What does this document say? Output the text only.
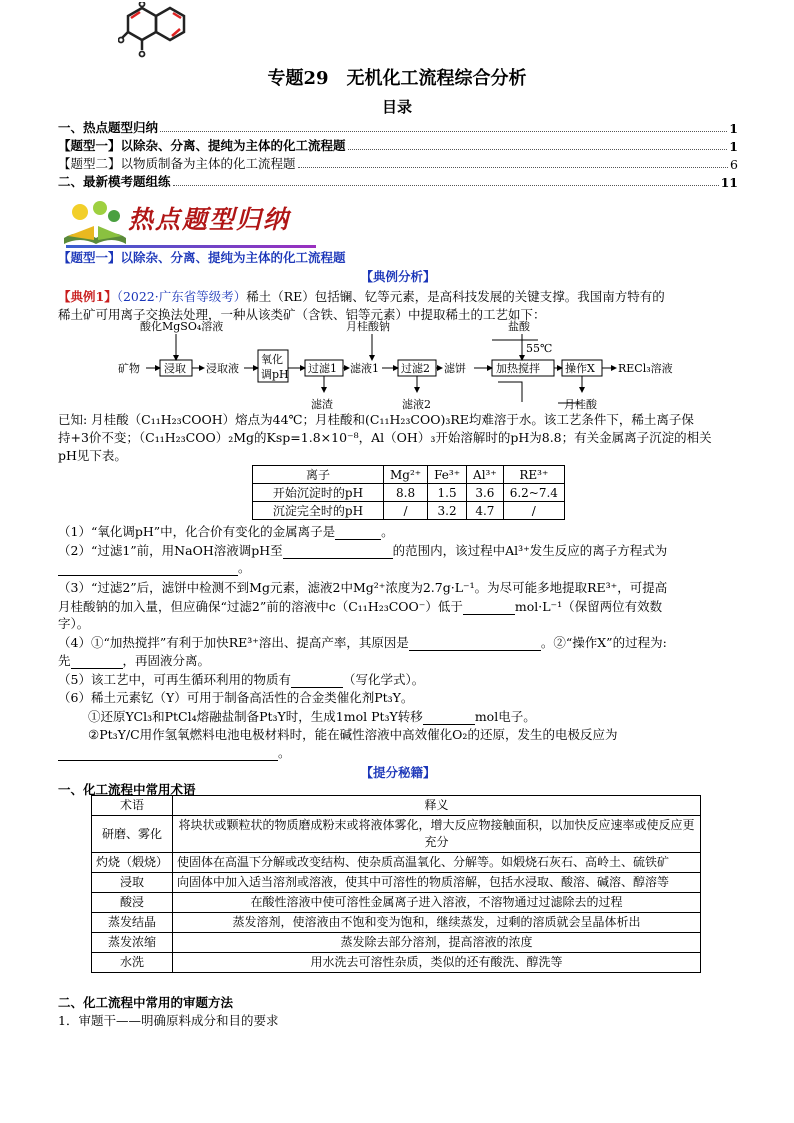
专题29　无机化工流程综合分析
目录
一、热点题型归纳	1
【题型一】以除杂、分离、提纯为主体的化工流程题	1
【题型二】以物质制备为主体的化工流程题	6
二、最新模考题组练	11
热点题型归纳
【题型一】以除杂、分离、提纯为主体的化工流程题
【典例分析】
【典例1】（2022·广东省等级考）稀土（RE）包括镧、钇等元素，是高科技发展的关键支撑。我国南方特有的
稀土矿可用离子交换法处理，一种从该类矿（含铁、铝等元素）中提取稀土的工艺如下：
矿物
酸化MgSO₄溶液
浸取 浸取液
氧化
调pH 过滤1
滤渣
滤液1
月桂酸钠
过滤2
滤液2
滤饼
盐酸
55℃
加热搅拌 操作X RECl₃溶液
月桂酸
已知: 月桂酸（C₁₁H₂₃COOH）熔点为44℃；月桂酸和(C₁₁H₂₃COO)₃RE均难溶于水。该工艺条件下，稀土离子保
持+3价不变；（C₁₁H₂₃COO）₂Mg的Ksp=1.8×10⁻⁸，Al（OH）₃开始溶解时的pH为8.8；有关金属离子沉淀的相关
pH见下表。
离子	Mg²⁺	Fe³⁺	Al³⁺	RE³⁺
开始沉淀时的pH	8.8	1.5	3.6	6.2~7.4
沉淀完全时的pH	/	3.2	4.7	/
（1）“氧化调pH”中，化合价有变化的金属离子是	。
（2）“过滤1”前，用NaOH溶液调pH至	的范围内，该过程中Al³⁺发生反应的离子方程式为
。
（3）“过滤2”后，滤饼中检测不到Mg元素，滤液2中Mg²⁺浓度为2.7g·L⁻¹。为尽可能多地提取RE³⁺，可提高
月桂酸钠的加入量，但应确保“过滤2”前的溶液中c（C₁₁H₂₃COO⁻）低于	mol·L⁻¹（保留两位有效数
字）。
（4）①“加热搅拌”有利于加快RE³⁺溶出、提高产率，其原因是	。②“操作X”的过程为:
先	，再固液分离。
（5）该工艺中，可再生循环利用的物质有	（写化学式）。
（6）稀土元素钇（Y）可用于制备高活性的合金类催化剂Pt₃Y。
①还原YCl₃和PtCl₄熔融盐制备Pt₃Y时，生成1mol Pt₃Y转移	mol电子。
②Pt₃Y/C用作氢氧燃料电池电极材料时，能在碱性溶液中高效催化O₂的还原，发生的电极反应为
。
【提分秘籍】
一、化工流程中常用术语
术语	释义
研磨、雾化	将块状或颗粒状的物质磨成粉末或将液体雾化，增大反应物接触面积，以加快反应速率或使反应更充分
灼烧（煅烧）	使固体在高温下分解或改变结构、使杂质高温氧化、分解等。如煅烧石灰石、高岭土、硫铁矿
浸取	向固体中加入适当溶剂或溶液，使其中可溶性的物质溶解，包括水浸取、酸溶、碱溶、醇溶等
酸浸	在酸性溶液中使可溶性金属离子进入溶液，不溶物通过过滤除去的过程
蒸发结晶	蒸发溶剂，使溶液由不饱和变为饱和，继续蒸发，过剩的溶质就会呈晶体析出
蒸发浓缩	蒸发除去部分溶剂，提高溶液的浓度
水洗	用水洗去可溶性杂质，类似的还有酸洗、醇洗等
二、化工流程中常用的审题方法
1．审题干——明确原料成分和目的要求
